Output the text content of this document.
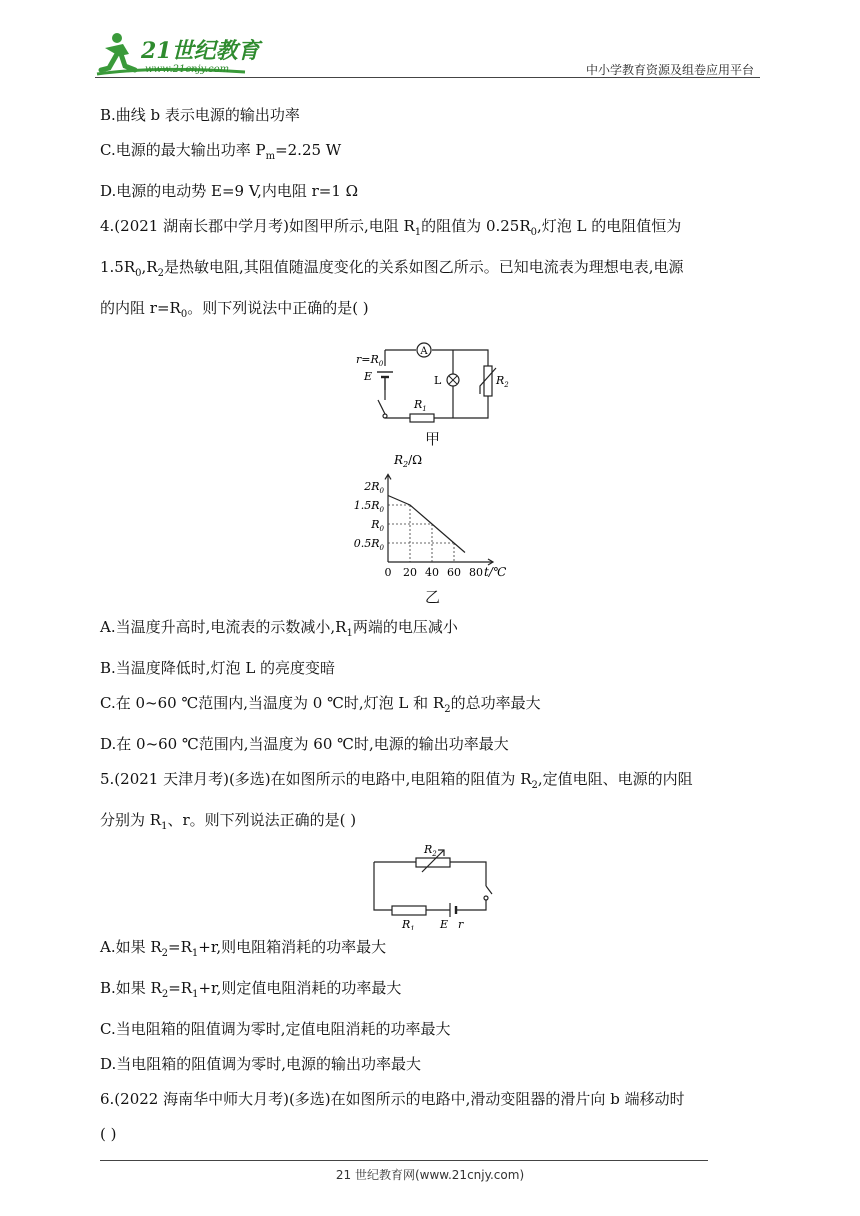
21世纪教育
www.21cnjy.com	中小学教育资源及组卷应用平台

B.曲线 b 表示电源的输出功率

C.电源的最大输出功率 $P_m=2.25$ W

D.电源的电动势 E=9 V,内电阻 r=1 Ω

4.(2021 湖南长郡中学月考)如图甲所示,电阻 $R_1$的阻值为 $0.25R_0$,灯泡 L 的电阻值恒为

$1.5R_0,R_2$是热敏电阻,其阻值随温度变化的关系如图乙所示。已知电流表为理想电表,电源

的内阻 $r=R_0$。则下列说法中正确的是( )

A
$r=R_0$
E	L
$R_1$
$R_2$

甲

$2R_0$
$1.5R_0$
$R_0$
$0.5R_0$
0 20 40 60 80
$R_2/\Omega$
t/℃

乙

A.当温度升高时,电流表的示数减小$,R_1$两端的电压减小

B.当温度降低时,灯泡 L 的亮度变暗

C.在 0~60 ℃范围内,当温度为 0 ℃时,灯泡 L 和 $R_2$的总功率最大

D.在 0~60 ℃范围内,当温度为 60 ℃时,电源的输出功率最大

5.(2021 天津月考)(多选)在如图所示的电路中,电阻箱的阻值为 $R_2$,定值电阻、电源的内阻

分别为 $R_1$、r。则下列说法正确的是( )

$R_2$
$R_1$ E r

A.如果 $R_2=R_1+r$,则电阻箱消耗的功率最大

B.如果 $R_2=R_1+r$,则定值电阻消耗的功率最大

C.当电阻箱的阻值调为零时,定值电阻消耗的功率最大

D.当电阻箱的阻值调为零时,电源的输出功率最大

6.(2022 海南华中师大月考)(多选)在如图所示的电路中,滑动变阻器的滑片向 b 端移动时

( )

21 世纪教育网(www.21cnjy.com)
